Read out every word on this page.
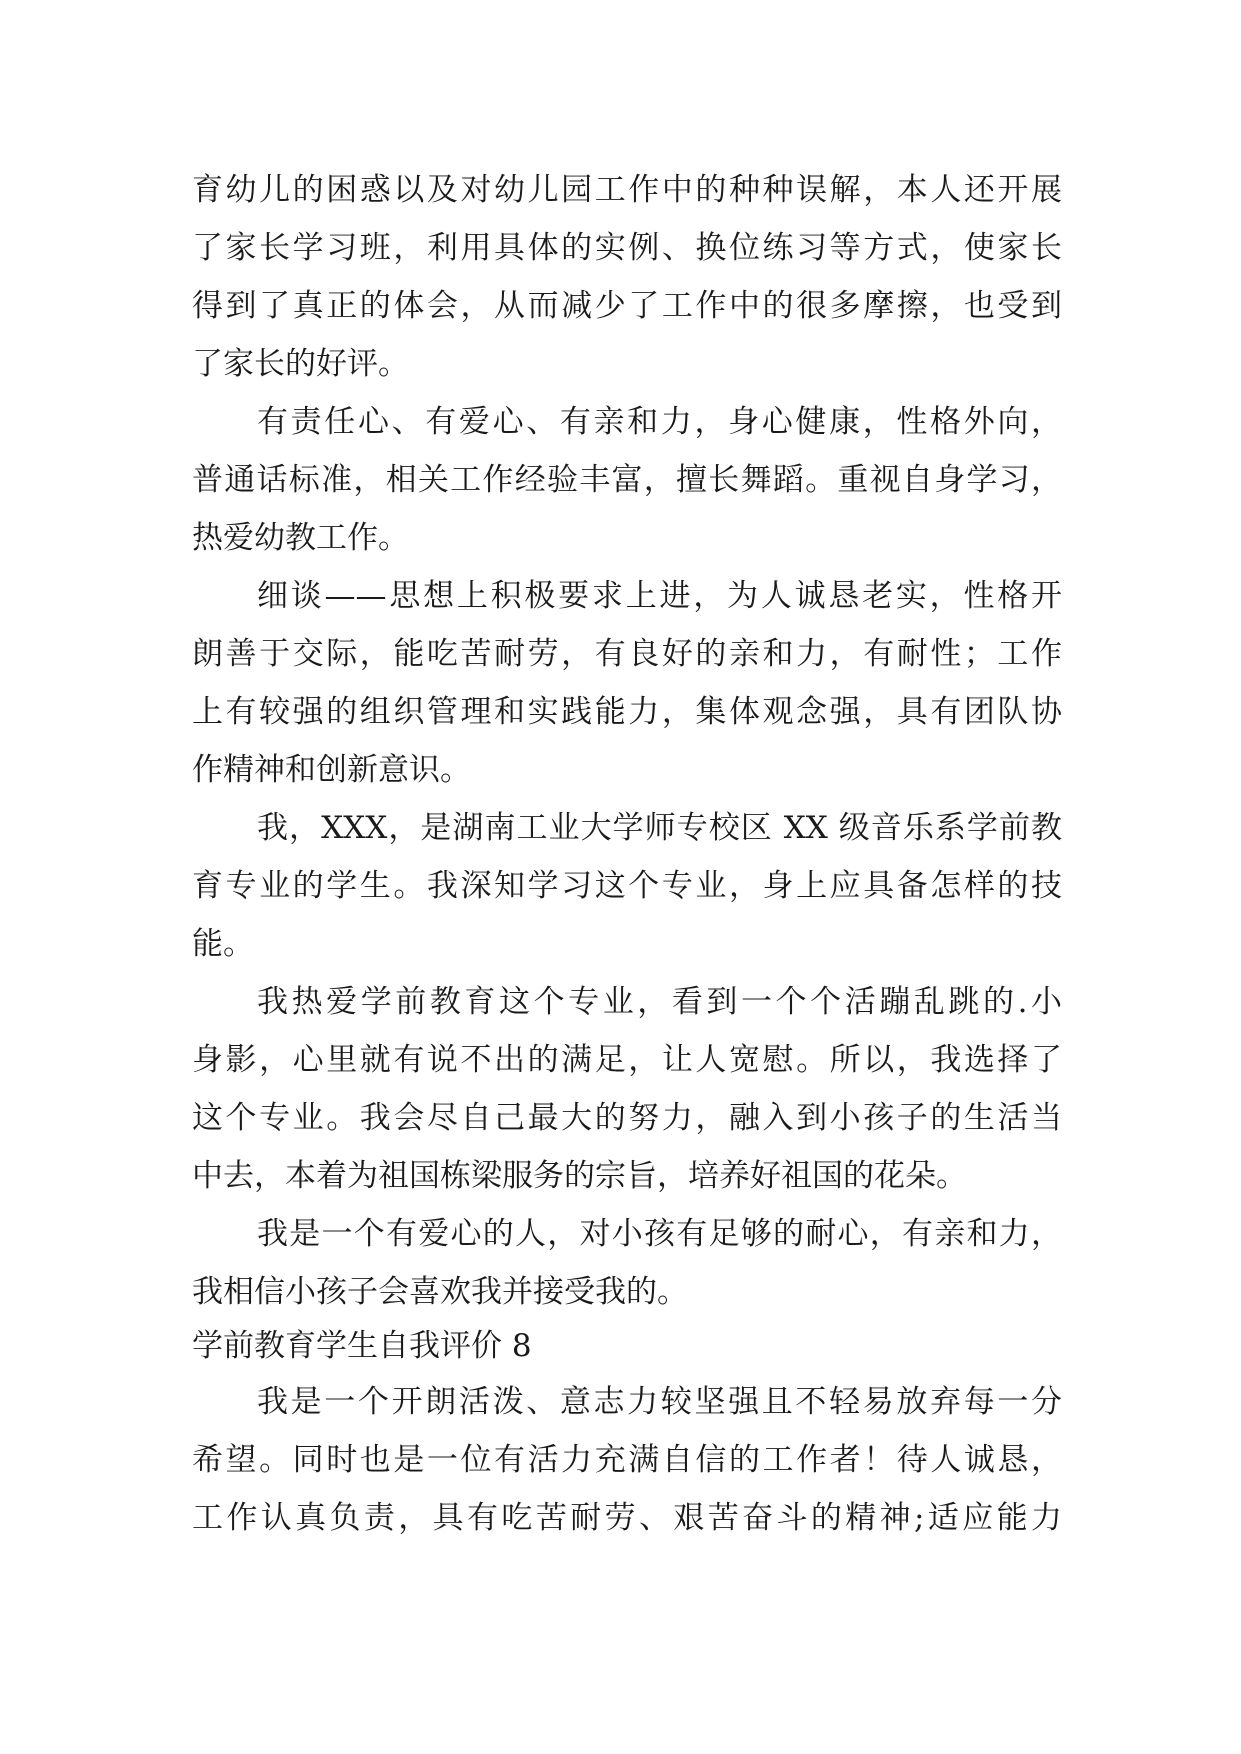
育幼儿的困惑以及对幼儿园工作中的种种误解，本人还开展
了家长学习班，利用具体的实例、换位练习等方式，使家长
得到了真正的体会，从而减少了工作中的很多摩擦，也受到
了家长的好评。
有责任心、有爱心、有亲和力，身心健康，性格外向，
普通话标准，相关工作经验丰富，擅长舞蹈。重视自身学习，
热爱幼教工作。
细谈——思想上积极要求上进，为人诚恳老实，性格开
朗善于交际，能吃苦耐劳，有良好的亲和力，有耐性；工作
上有较强的组织管理和实践能力，集体观念强，具有团队协
作精神和创新意识。
我，XXX，是湖南工业大学师专校区 XX 级音乐系学前教
育专业的学生。我深知学习这个专业，身上应具备怎样的技
能。
我热爱学前教育这个专业，看到一个个活蹦乱跳的.小
身影，心里就有说不出的满足，让人宽慰。所以，我选择了
这个专业。我会尽自己最大的努力，融入到小孩子的生活当
中去，本着为祖国栋梁服务的宗旨，培养好祖国的花朵。
我是一个有爱心的人，对小孩有足够的耐心，有亲和力，
我相信小孩子会喜欢我并接受我的。
学前教育学生自我评价 8
我是一个开朗活泼、意志力较坚强且不轻易放弃每一分
希望。同时也是一位有活力充满自信的工作者！待人诚恳，
工作认真负责，具有吃苦耐劳、艰苦奋斗的精神;适应能力
